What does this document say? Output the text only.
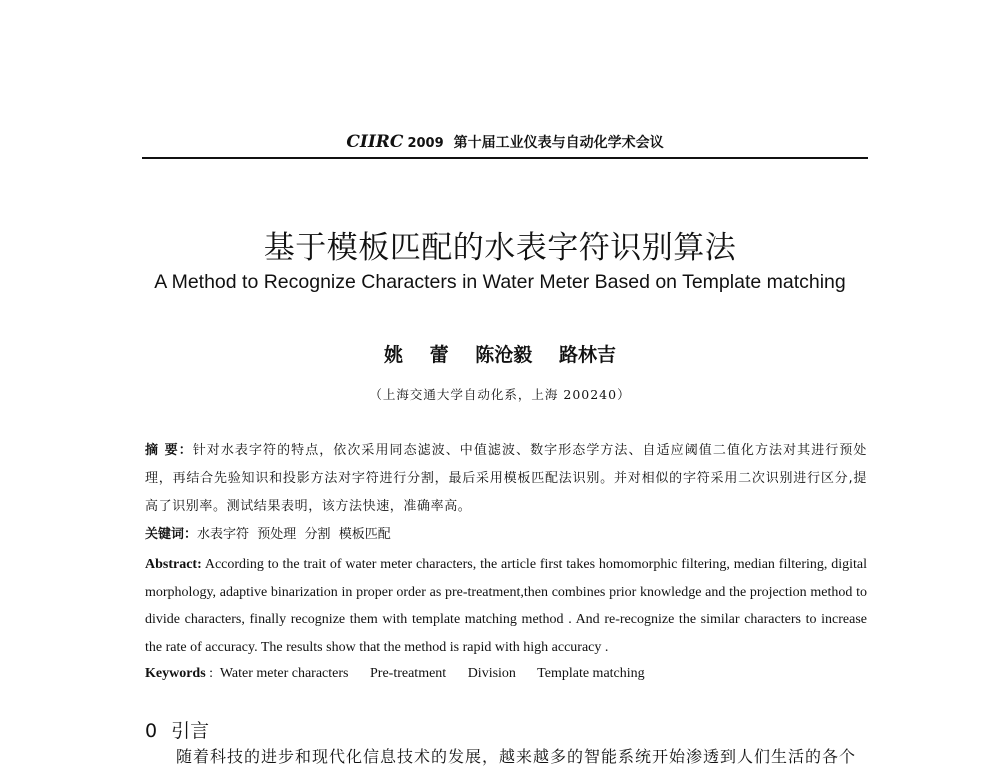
CIIRC 2009 第十届工业仪表与自动化学术会议
基于模板匹配的水表字符识别算法
A Method to Recognize Characters in Water Meter Based on Template matching
姚 蕾 陈沧毅 路林吉
（上海交通大学自动化系，上海 200240）
摘 要：针对水表字符的特点，依次采用同态滤波、中值滤波、数字形态学方法、自适应阈值二值化方法对其进行预处理，再结合先验知识和投影方法对字符进行分割，最后采用模板匹配法识别。并对相似的字符采用二次识别进行区分,提高了识别率。测试结果表明，该方法快速，准确率高。
关键词：水表字符  预处理  分割  模板匹配
Abstract: According to the trait of water meter characters, the article first takes homomorphic filtering, median filtering, digital morphology, adaptive binarization in proper order as pre-treatment,then combines prior knowledge and the projection method to divide characters, finally recognize them with template matching method . And re-recognize the similar characters to increase the rate of accuracy. The results show that the method is rapid with high accuracy .
Keywords :  Water meter characters Pre-treatment Division Template matching
0 引言
随着科技的进步和现代化信息技术的发展，越来越多的智能系统开始渗透到人们生活的各个
